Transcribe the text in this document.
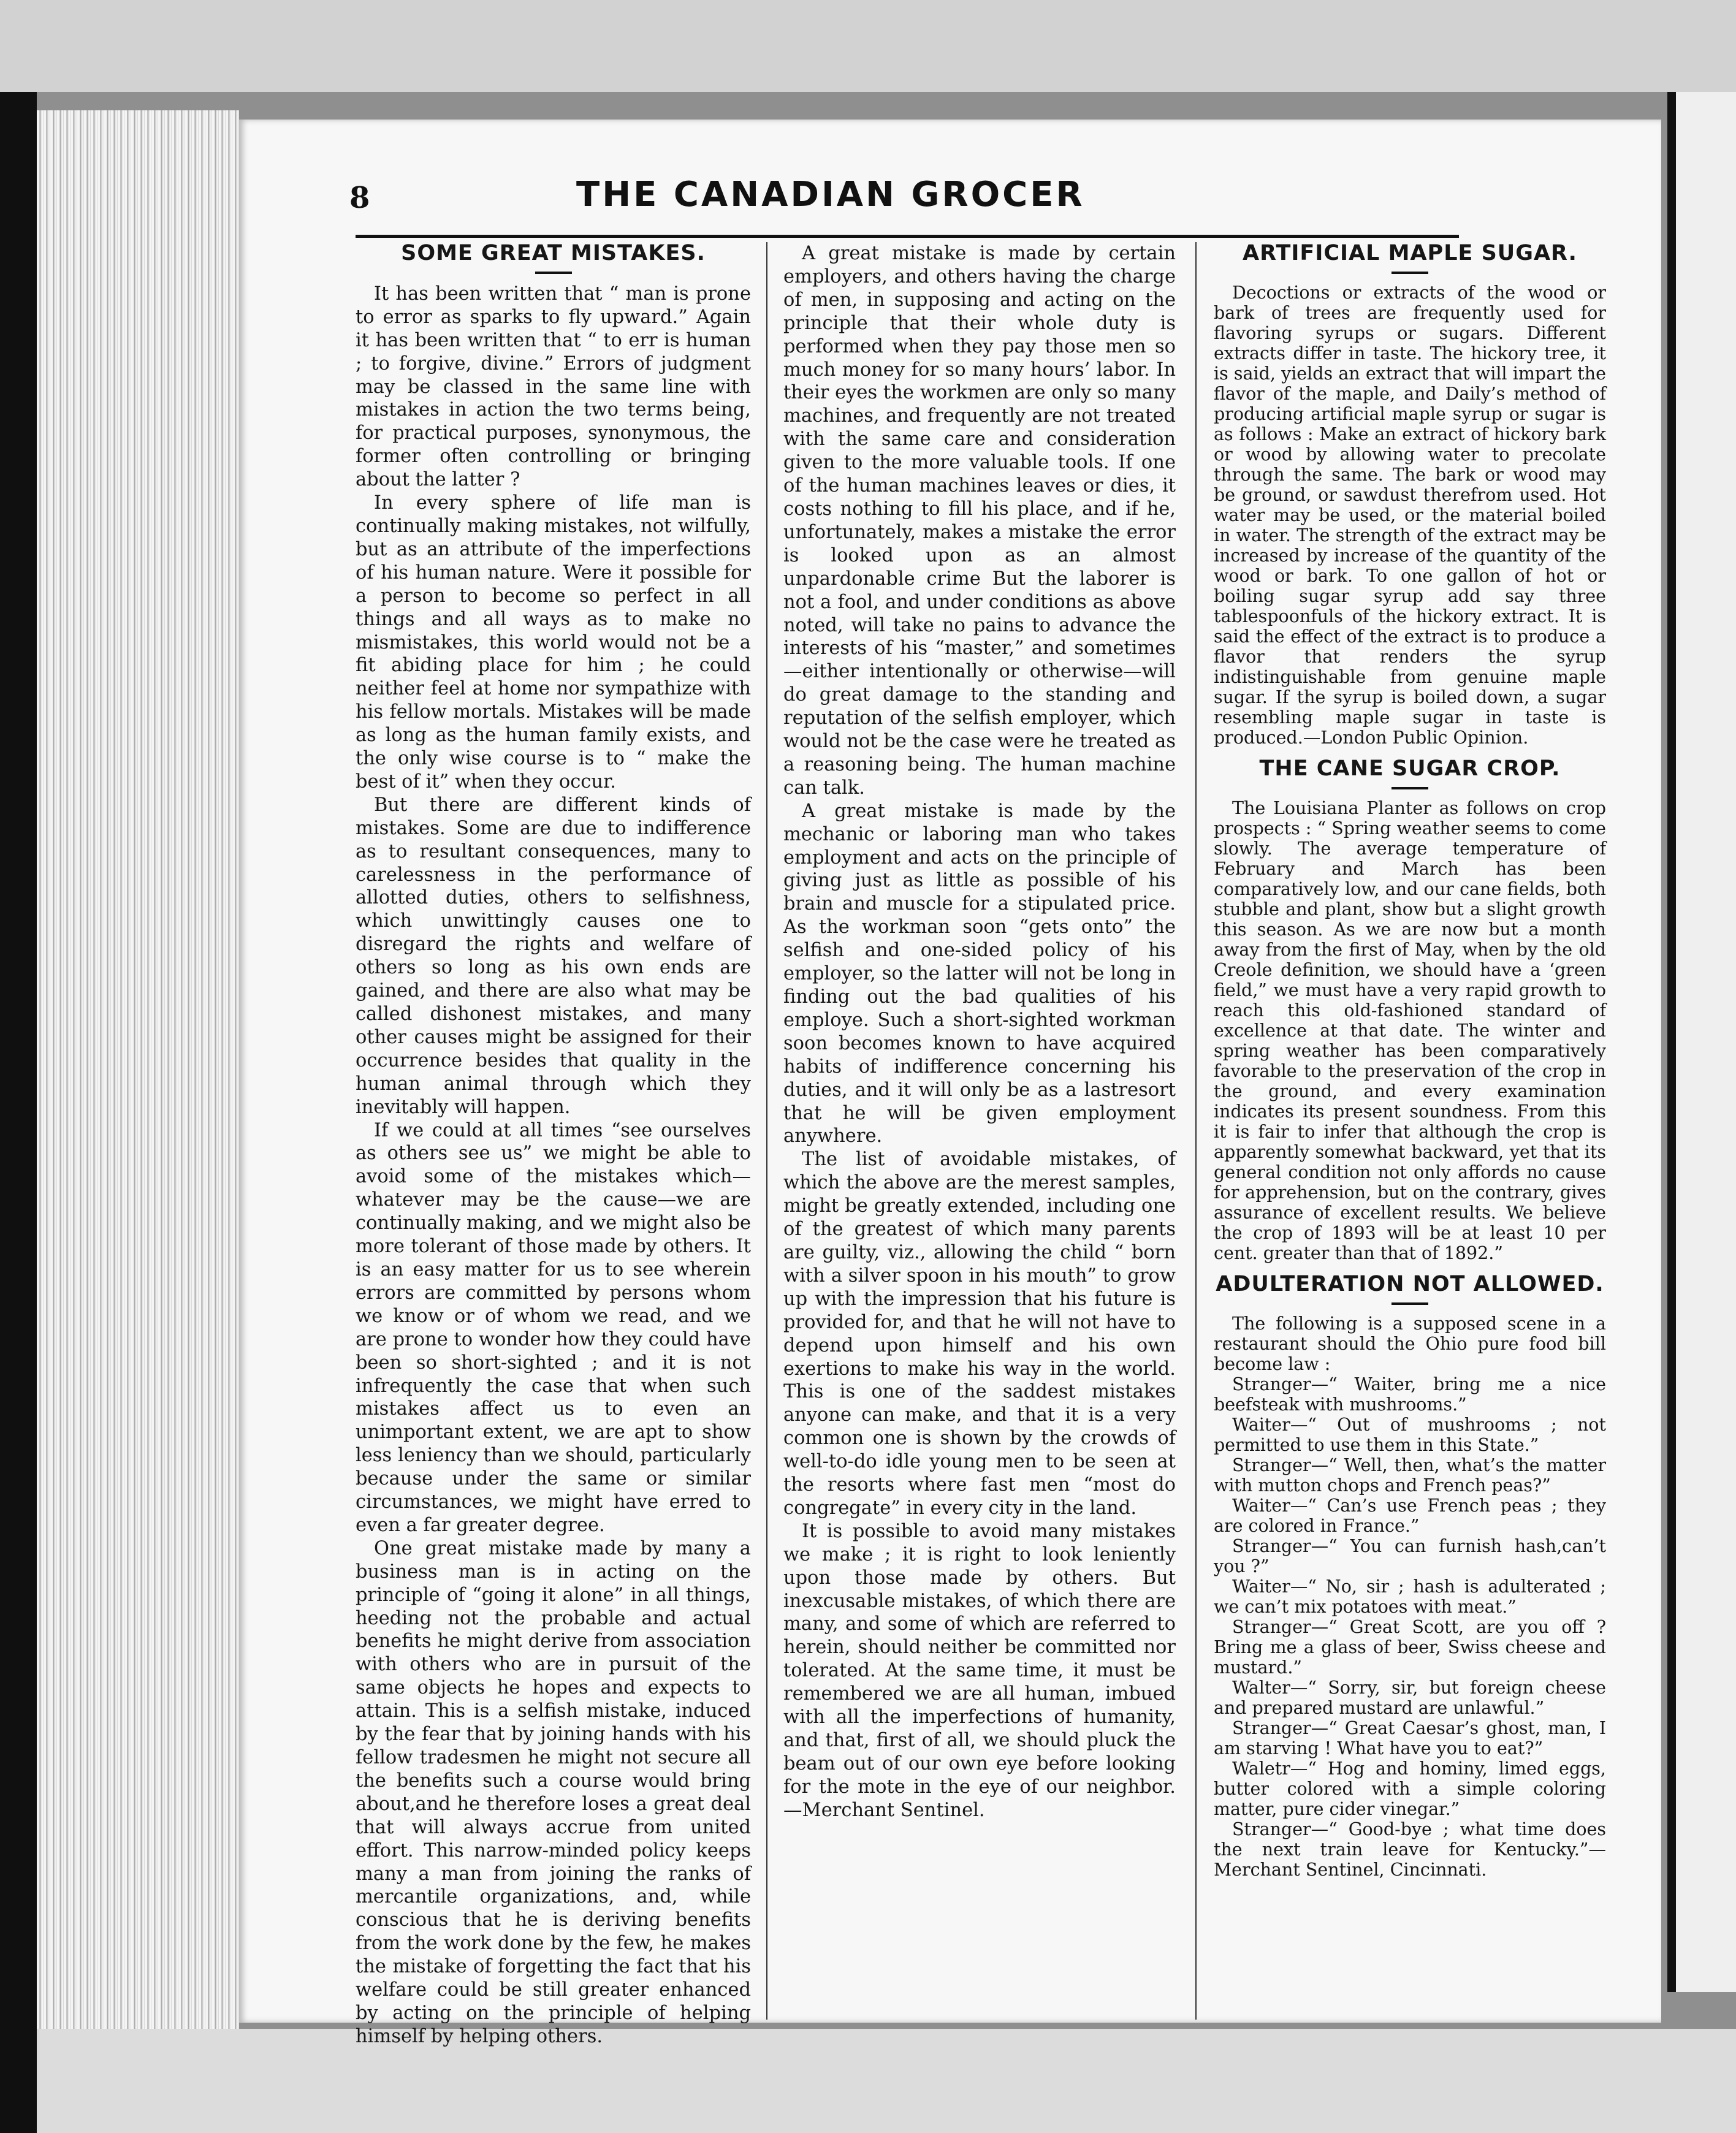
8	THE CANADIAN GROCER
SOME GREAT MISTAKES.

It has been written that “ man is prone to error as sparks to fly upward.” Again it has been written that “ to err is human ; to forgive, divine.” Errors of judgment may be classed in the same line with mistakes in action the two terms being, for practical purposes, synonymous, the former often controlling or bringing about the latter ?

In every sphere of life man is continually making mistakes, not wilfully, but as an attribute of the imperfections of his human nature. Were it possible for a person to become so perfect in all things and all ways as to make no mismistakes, this world would not be a fit abiding place for him ; he could neither feel at home nor sympathize with his fellow mortals. Mistakes will be made as long as the human family exists, and the only wise course is to “ make the best of it” when they occur.

But there are different kinds of mistakes. Some are due to indifference as to resultant consequences, many to carelessness in the performance of allotted duties, others to selfishness, which unwittingly causes one to disregard the rights and welfare of others so long as his own ends are gained, and there are also what may be called dishonest mistakes, and many other causes might be assigned for their occurrence besides that quality in the human animal through which they inevitably will happen.

If we could at all times “see ourselves as others see us” we might be able to avoid some of the mistakes which—whatever may be the cause—we are continually making, and we might also be more tolerant of those made by others. It is an easy matter for us to see wherein errors are committed by persons whom we know or of whom we read, and we are prone to wonder how they could have been so short-sighted ; and it is not infrequently the case that when such mistakes affect us to even an unimportant extent, we are apt to show less leniency than we should, particularly because under the same or similar circumstances, we might have erred to even a far greater degree.

One great mistake made by many a business man is in acting on the principle of “going it alone” in all things, heeding not the probable and actual benefits he might derive from association with others who are in pursuit of the same objects he hopes and expects to attain. This is a selfish mistake, induced by the fear that by joining hands with his fellow tradesmen he might not secure all the benefits such a course would bring about,and he therefore loses a great deal that will always accrue from united effort. This narrow-minded policy keeps many a man from joining the ranks of mercantile organizations, and, while conscious that he is deriving benefits from the work done by the few, he makes the mistake of forgetting the fact that his welfare could be still greater enhanced by acting on the principle of helping himself by helping others.

A great mistake is made by certain employers, and others having the charge of men, in supposing and acting on the principle that their whole duty is performed when they pay those men so much money for so many hours’ labor. In their eyes the workmen are only so many machines, and frequently are not treated with the same care and consideration given to the more valuable tools. If one of the human machines leaves or dies, it costs nothing to fill his place, and if he, unfortunately, makes a mistake the error is looked upon as an almost unpardonable crime But the laborer is not a fool, and under conditions as above noted, will take no pains to advance the interests of his “master,” and sometimes —either intentionally or otherwise—will do great damage to the standing and reputation of the selfish employer, which would not be the case were he treated as a reasoning being. The human machine can talk.

A great mistake is made by the mechanic or laboring man who takes employment and acts on the principle of giving just as little as possible of his brain and muscle for a stipulated price. As the workman soon “gets onto” the selfish and one-sided policy of his employer, so the latter will not be long in finding out the bad qualities of his employe. Such a short-sighted workman soon becomes known to have acquired habits of indifference concerning his duties, and it will only be as a lastresort that he will be given employment anywhere.

The list of avoidable mistakes, of which the above are the merest samples, might be greatly extended, including one of the greatest of which many parents are guilty, viz., allowing the child “ born with a silver spoon in his mouth” to grow up with the impression that his future is provided for, and that he will not have to depend upon himself and his own exertions to make his way in the world. This is one of the saddest mistakes anyone can make, and that it is a very common one is shown by the crowds of well-to-do idle young men to be seen at the resorts where fast men “most do congregate” in every city in the land.

It is possible to avoid many mistakes we make ; it is right to look leniently upon those made by others. But inexcusable mistakes, of which there are many, and some of which are referred to herein, should neither be committed nor tolerated. At the same time, it must be remembered we are all human, imbued with all the imperfections of humanity, and that, first of all, we should pluck the beam out of our own eye before looking for the mote in the eye of our neighbor.—Merchant Sentinel.

ARTIFICIAL MAPLE SUGAR.

Decoctions or extracts of the wood or bark of trees are frequently used for flavoring syrups or sugars. Different extracts differ in taste. The hickory tree, it is said, yields an extract that will impart the flavor of the maple, and Daily’s method of producing artificial maple syrup or sugar is as follows : Make an extract of hickory bark or wood by allowing water to precolate through the same. The bark or wood may be ground, or sawdust therefrom used. Hot water may be used, or the material boiled in water. The strength of the extract may be increased by increase of the quantity of the wood or bark. To one gallon of hot or boiling sugar syrup add say three tablespoonfuls of the hickory extract. It is said the effect of the extract is to produce a flavor that renders the syrup indistinguishable from genuine maple sugar. If the syrup is boiled down, a sugar resembling maple sugar in taste is produced.—London Public Opinion.

THE CANE SUGAR CROP.

The Louisiana Planter as follows on crop prospects : “ Spring weather seems to come slowly. The average temperature of February and March has been comparatively low, and our cane fields, both stubble and plant, show but a slight growth this season. As we are now but a month away from the first of May, when by the old Creole definition, we should have a ‘green field,” we must have a very rapid growth to reach this old-fashioned standard of excellence at that date. The winter and spring weather has been comparatively favorable to the preservation of the crop in the ground, and every examination indicates its present soundness. From this it is fair to infer that although the crop is apparently somewhat backward, yet that its general condition not only affords no cause for apprehension, but on the contrary, gives assurance of excellent results. We believe the crop of 1893 will be at least 10 per cent. greater than that of 1892.”

ADULTERATION NOT ALLOWED.

The following is a supposed scene in a restaurant should the Ohio pure food bill become law :

Stranger—“ Waiter, bring me a nice beefsteak with mushrooms.”

Waiter—“ Out of mushrooms ; not permitted to use them in this State.”

Stranger—“ Well, then, what’s the matter with mutton chops and French peas?”

Waiter—“ Can’s use French peas ; they are colored in France.”

Stranger—“ You can furnish hash,can’t you ?”

Waiter—“ No, sir ; hash is adulterated ; we can’t mix potatoes with meat.”

Stranger—“ Great Scott, are you off ? Bring me a glass of beer, Swiss cheese and mustard.”

Walter—“ Sorry, sir, but foreign cheese and prepared mustard are unlawful.”

Stranger—“ Great Caesar’s ghost, man, I am starving ! What have you to eat?”

Waletr—“ Hog and hominy, limed eggs, butter colored with a simple coloring matter, pure cider vinegar.”

Stranger—“ Good-bye ; what time does the next train leave for Kentucky.”—Merchant Sentinel, Cincinnati.
